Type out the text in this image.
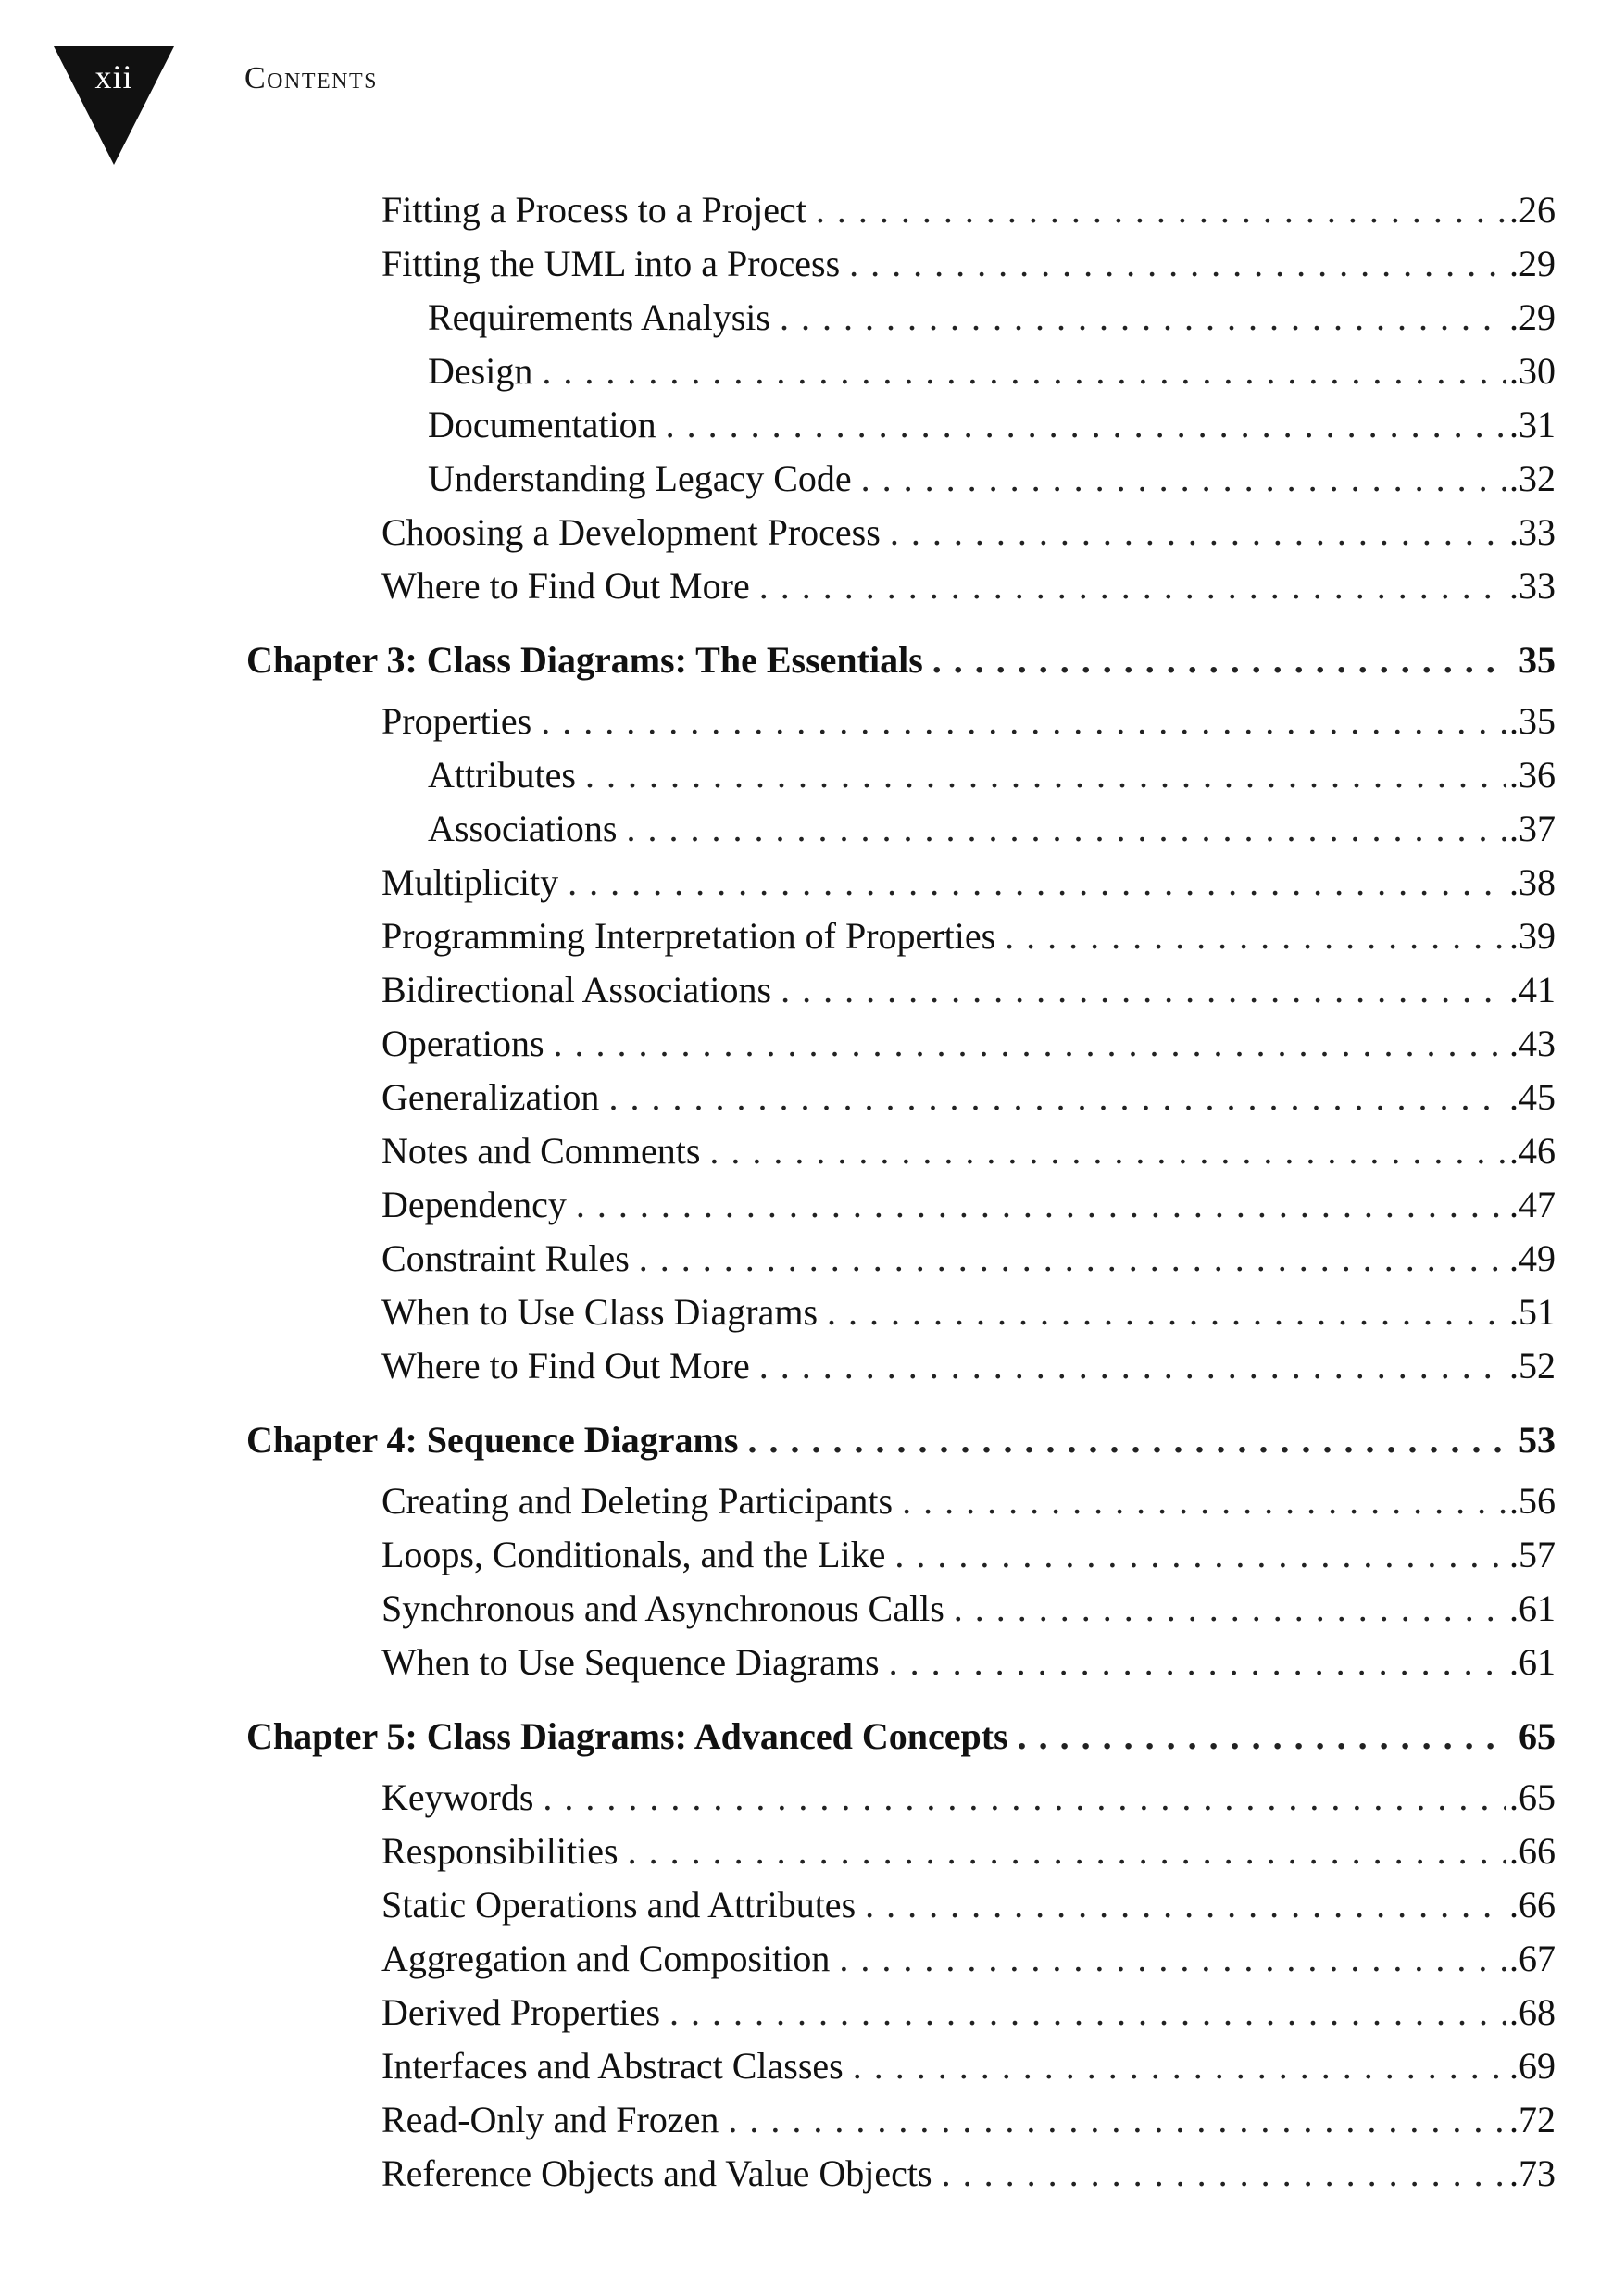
xii	Contents
Fitting a Process to a Project . . .	.26
Fitting the UML into a Process . . .	.29
Requirements Analysis . . .	.29
Design . . .	.30
Documentation . . .	.31
Understanding Legacy Code . . .	.32
Choosing a Development Process . . .	.33
Where to Find Out More . . .	.33
Chapter 3: Class Diagrams: The Essentials . . .	35
Properties . . .	.35
Attributes . . .	.36
Associations . . .	.37
Multiplicity . . .	.38
Programming Interpretation of Properties . . .	.39
Bidirectional Associations . . .	.41
Operations . . .	.43
Generalization . . .	.45
Notes and Comments . . .	.46
Dependency . . .	.47
Constraint Rules . . .	.49
When to Use Class Diagrams . . .	.51
Where to Find Out More . . .	.52
Chapter 4: Sequence Diagrams . . .	53
Creating and Deleting Participants . . .	.56
Loops, Conditionals, and the Like . . .	.57
Synchronous and Asynchronous Calls . . .	.61
When to Use Sequence Diagrams . . .	.61
Chapter 5: Class Diagrams: Advanced Concepts . . .	65
Keywords . . .	.65
Responsibilities . . .	.66
Static Operations and Attributes . . .	.66
Aggregation and Composition . . .	.67
Derived Properties . . .	.68
Interfaces and Abstract Classes . . .	.69
Read-Only and Frozen . . .	.72
Reference Objects and Value Objects . . .	.73
